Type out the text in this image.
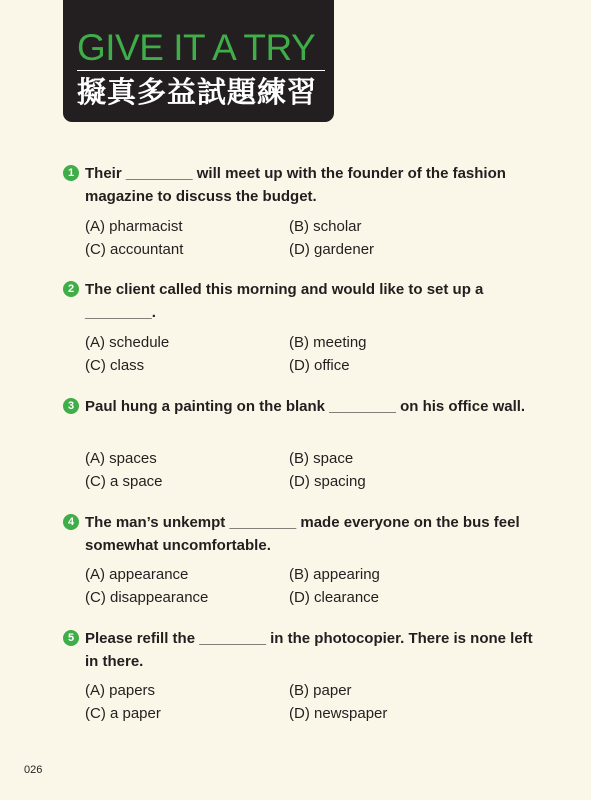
GIVE IT A TRY
擬真多益試題練習
1 Their ________ will meet up with the founder of the fashion magazine to discuss the budget.
(A) pharmacist	(B) scholar
(C) accountant	(D) gardener
2 The client called this morning and would like to set up a ________.
(A) schedule	(B) meeting
(C) class	(D) office
3 Paul hung a painting on the blank ________ on his office wall.
(A) spaces	(B) space
(C) a space	(D) spacing
4 The man’s unkempt ________ made everyone on the bus feel somewhat uncomfortable.
(A) appearance	(B) appearing
(C) disappearance	(D) clearance
5 Please refill the ________ in the photocopier. There is none left in there.
(A) papers	(B) paper
(C) a paper	(D) newspaper
026
